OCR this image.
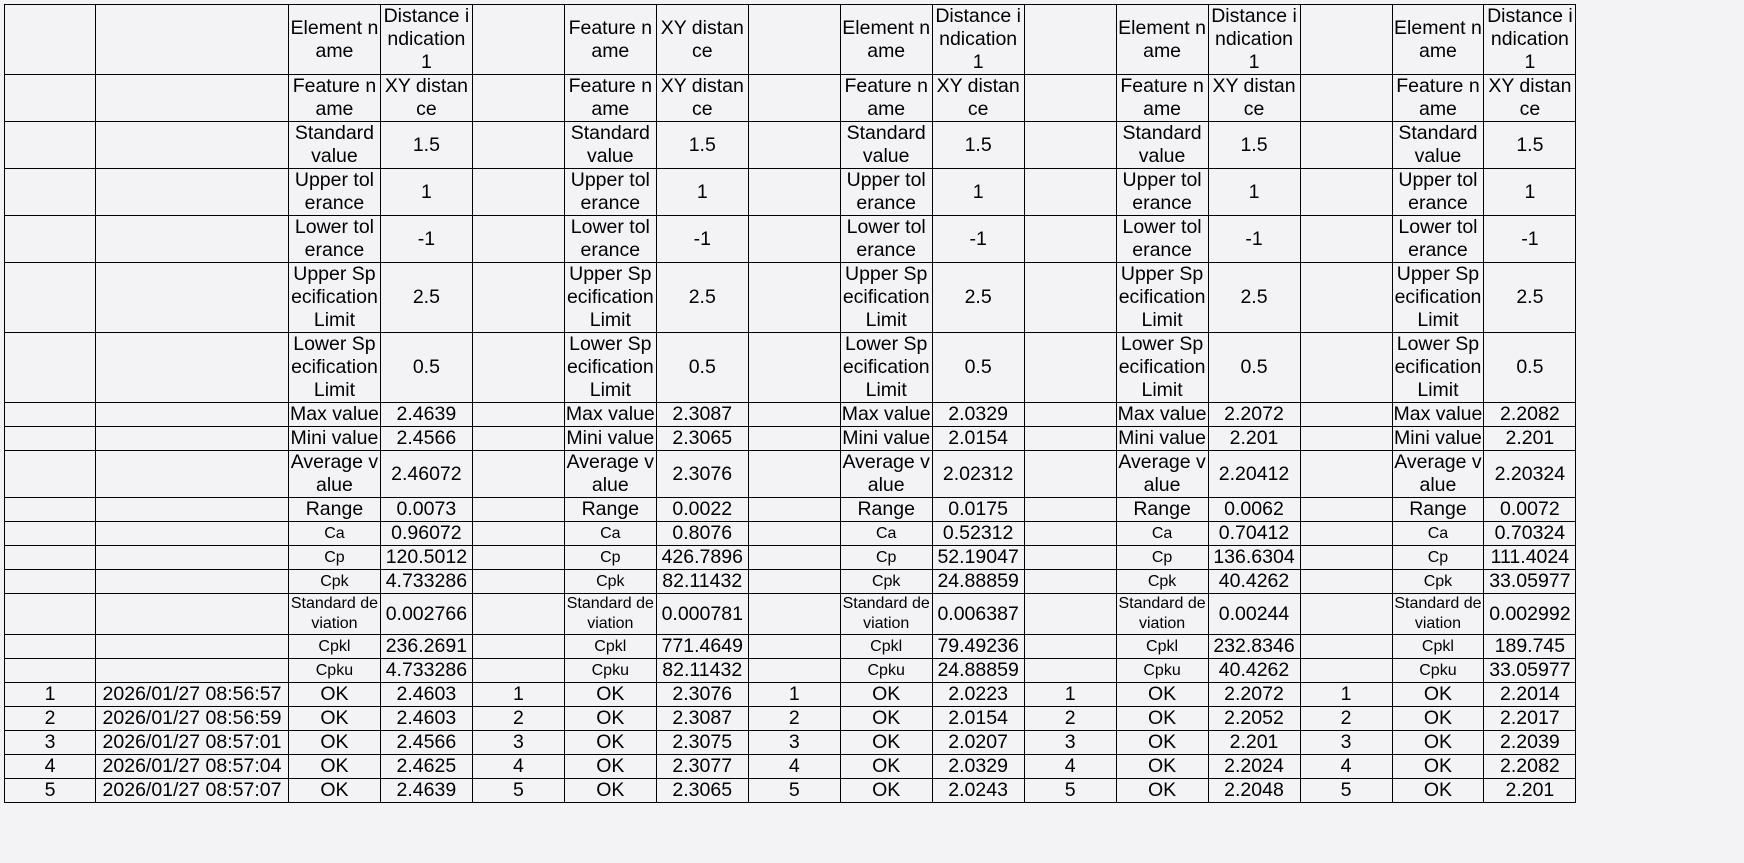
		Element name	Distance indication 1		Feature name	XY distance		Element name	Distance indication 1		Element name	Distance indication 1		Element name	Distance indication 1
		Feature name	XY distance		Feature name	XY distance		Feature name	XY distance		Feature name	XY distance		Feature name	XY distance
		Standard value	1.5		Standard value	1.5		Standard value	1.5		Standard value	1.5		Standard value	1.5
		Upper tolerance	1		Upper tolerance	1		Upper tolerance	1		Upper tolerance	1		Upper tolerance	1
		Lower tolerance	-1		Lower tolerance	-1		Lower tolerance	-1		Lower tolerance	-1		Lower tolerance	-1
		Upper Specification Limit	2.5		Upper Specification Limit	2.5		Upper Specification Limit	2.5		Upper Specification Limit	2.5		Upper Specification Limit	2.5
		Lower Specification Limit	0.5		Lower Specification Limit	0.5		Lower Specification Limit	0.5		Lower Specification Limit	0.5		Lower Specification Limit	0.5
		Max value	2.4639		Max value	2.3087		Max value	2.0329		Max value	2.2072		Max value	2.2082
		Mini value	2.4566		Mini value	2.3065		Mini value	2.0154		Mini value	2.201		Mini value	2.201
		Average value	2.46072		Average value	2.3076		Average value	2.02312		Average value	2.20412		Average value	2.20324
		Range	0.0073		Range	0.0022		Range	0.0175		Range	0.0062		Range	0.0072
		Ca	0.96072		Ca	0.8076		Ca	0.52312		Ca	0.70412		Ca	0.70324
		Cp	120.5012		Cp	426.7896		Cp	52.19047		Cp	136.6304		Cp	111.4024
		Cpk	4.733286		Cpk	82.11432		Cpk	24.88859		Cpk	40.4262		Cpk	33.05977
		Standard deviation	0.002766		Standard deviation	0.000781		Standard deviation	0.006387		Standard deviation	0.00244		Standard deviation	0.002992
		Cpkl	236.2691		Cpkl	771.4649		Cpkl	79.49236		Cpkl	232.8346		Cpkl	189.745
		Cpku	4.733286		Cpku	82.11432		Cpku	24.88859		Cpku	40.4262		Cpku	33.05977
1	2026/01/27 08:56:57	OK	2.4603	1	OK	2.3076	1	OK	2.0223	1	OK	2.2072	1	OK	2.2014
2	2026/01/27 08:56:59	OK	2.4603	2	OK	2.3087	2	OK	2.0154	2	OK	2.2052	2	OK	2.2017
3	2026/01/27 08:57:01	OK	2.4566	3	OK	2.3075	3	OK	2.0207	3	OK	2.201	3	OK	2.2039
4	2026/01/27 08:57:04	OK	2.4625	4	OK	2.3077	4	OK	2.0329	4	OK	2.2024	4	OK	2.2082
5	2026/01/27 08:57:07	OK	2.4639	5	OK	2.3065	5	OK	2.0243	5	OK	2.2048	5	OK	2.201
